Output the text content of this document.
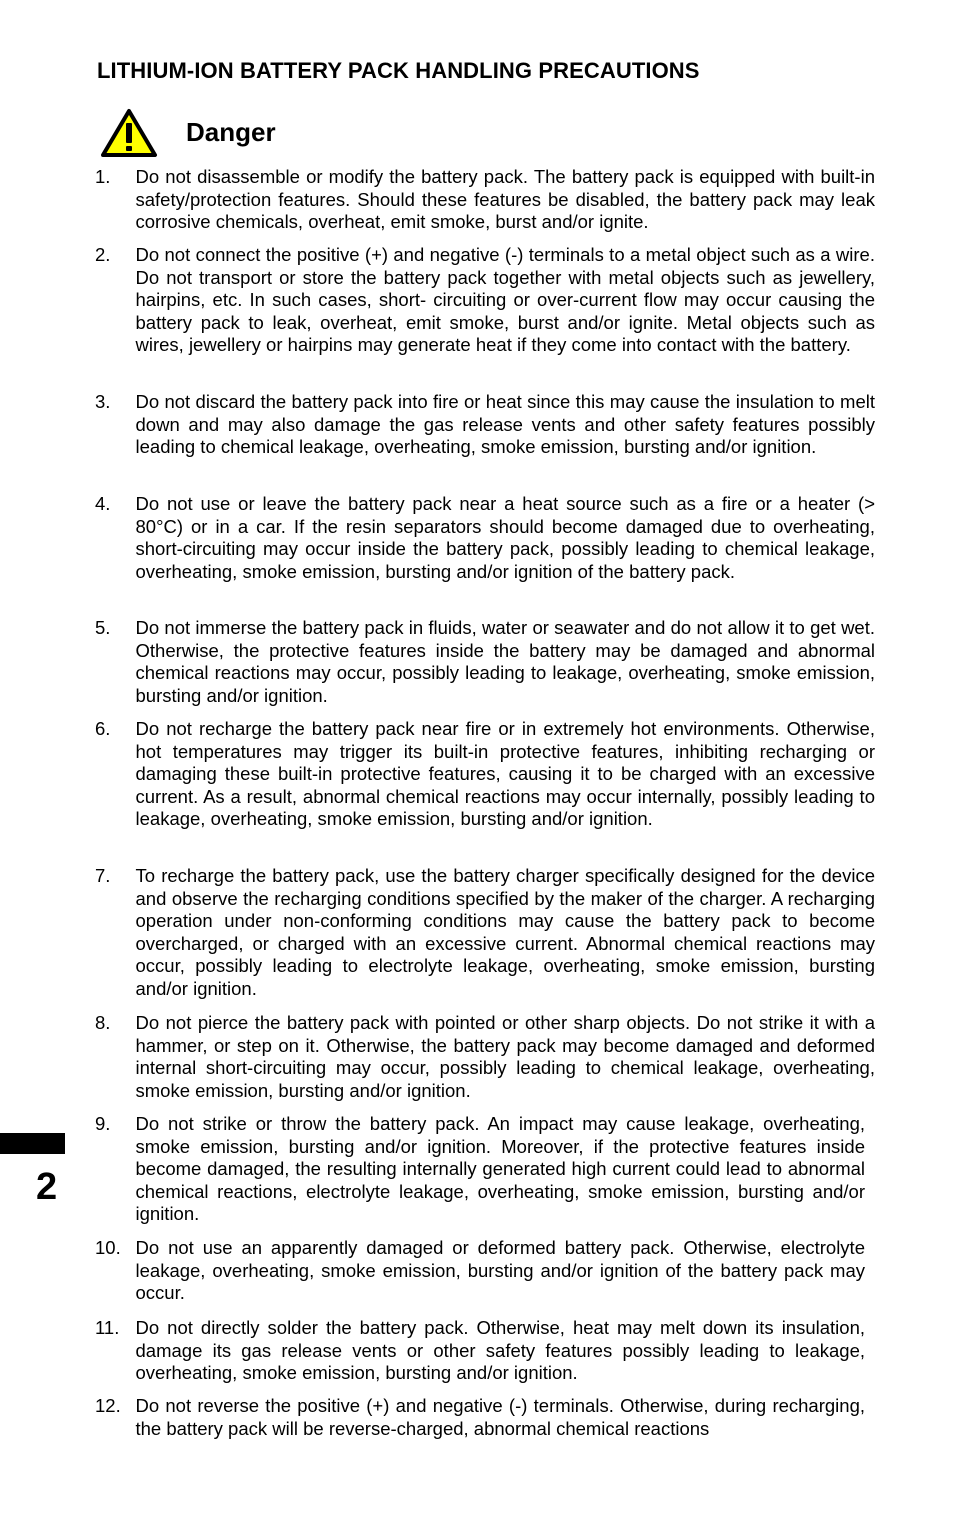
LITHIUM-ION BATTERY PACK HANDLING PRECAUTIONS
Danger
1. Do not disassemble or modify the battery pack. The battery pack is equipped with built-in safety/protection features. Should these features be disabled, the battery pack may leak corrosive chemicals, overheat, emit smoke, burst and/or ignite.
2. Do not connect the positive (+) and negative (-) terminals to a metal object such as a wire. Do not transport or store the battery pack together with metal objects such as jewellery, hairpins, etc. In such cases, short- circuiting or over-current flow may occur causing the battery pack to leak, overheat, emit smoke, burst and/or ignite. Metal objects such as wires, jewellery or hairpins may generate heat if they come into contact with the battery.
3. Do not discard the battery pack into fire or heat since this may cause the insulation to melt down and may also damage the gas release vents and other safety features possibly leading to chemical leakage, overheating, smoke emission, bursting and/or ignition.
4. Do not use or leave the battery pack near a heat source such as a fire or a heater (> 80°C) or in a car. If the resin separators should become damaged due to overheating, short-circuiting may occur inside the battery pack, possibly leading to chemical leakage, overheating, smoke emission, bursting and/or ignition of the battery pack.
5. Do not immerse the battery pack in fluids, water or seawater and do not allow it to get wet. Otherwise, the protective features inside the battery may be damaged and abnormal chemical reactions may occur, possibly leading to leakage, overheating, smoke emission, bursting and/or ignition.
6. Do not recharge the battery pack near fire or in extremely hot environments. Otherwise, hot temperatures may trigger its built-in protective features, inhibiting recharging or damaging these built-in protective features, causing it to be charged with an excessive current. As a result, abnormal chemical reactions may occur internally, possibly leading to leakage, overheating, smoke emission, bursting and/or ignition.
7. To recharge the battery pack, use the battery charger specifically designed for the device and observe the recharging conditions specified by the maker of the charger. A recharging operation under non-conforming conditions may cause the battery pack to become overcharged, or charged with an excessive current. Abnormal chemical reactions may occur, possibly leading to electrolyte leakage, overheating, smoke emission, bursting and/or ignition.
8. Do not pierce the battery pack with pointed or other sharp objects. Do not strike it with a hammer, or step on it. Otherwise, the battery pack may become damaged and deformed internal short-circuiting may occur, possibly leading to chemical leakage, overheating, smoke emission, bursting and/or ignition.
9. Do not strike or throw the battery pack. An impact may cause leakage, overheating, smoke emission, bursting and/or ignition. Moreover, if the protective features inside become damaged, the resulting internally generated high current could lead to abnormal chemical reactions, electrolyte leakage, overheating, smoke emission, bursting and/or ignition.
10. Do not use an apparently damaged or deformed battery pack. Otherwise, electrolyte leakage, overheating, smoke emission, bursting and/or ignition of the battery pack may occur.
11. Do not directly solder the battery pack. Otherwise, heat may melt down its insulation, damage its gas release vents or other safety features possibly leading to leakage, overheating, smoke emission, bursting and/or ignition.
12. Do not reverse the positive (+) and negative (-) terminals. Otherwise, during recharging, the battery pack will be reverse-charged, abnormal chemical reactions
2
